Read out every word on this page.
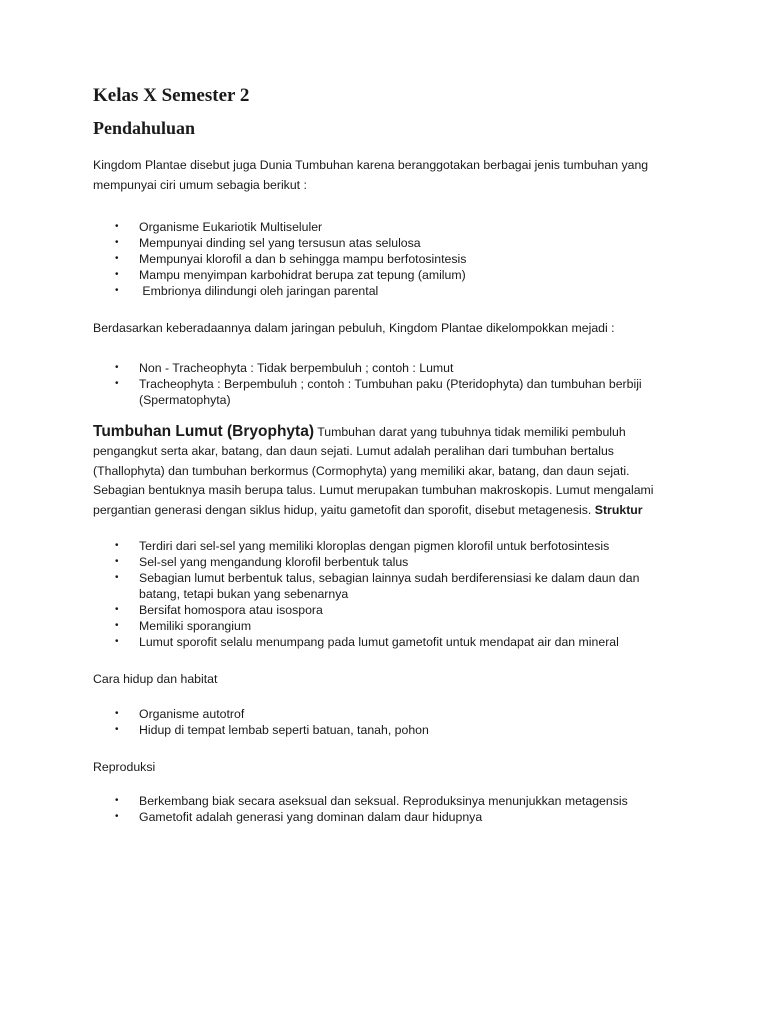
Kelas X Semester 2
Pendahuluan

Kingdom Plantae disebut juga Dunia Tumbuhan karena beranggotakan berbagai jenis tumbuhan yang mempunyai ciri umum sebagia berikut :

•	Organisme Eukariotik Multiseluler
•	Mempunyai dinding sel yang tersusun atas selulosa
•	Mempunyai klorofil a dan b sehingga mampu berfotosintesis
•	Mampu menyimpan karbohidrat berupa zat tepung (amilum)
•	Embrionya dilindungi oleh jaringan parental

Berdasarkan keberadaannya dalam jaringan pebuluh, Kingdom Plantae dikelompokkan mejadi :

•	Non - Tracheophyta : Tidak berpembuluh ; contoh : Lumut
•	Tracheophyta : Berpembuluh ; contoh : Tumbuhan paku (Pteridophyta) dan tumbuhan berbiji (Spermatophyta)

Tumbuhan Lumut (Bryophyta) Tumbuhan darat yang tubuhnya tidak memiliki pembuluh pengangkut serta akar, batang, dan daun sejati. Lumut adalah peralihan dari tumbuhan bertalus (Thallophyta) dan tumbuhan berkormus (Cormophyta) yang memiliki akar, batang, dan daun sejati. Sebagian bentuknya masih berupa talus. Lumut merupakan tumbuhan makroskopis. Lumut mengalami pergantian generasi dengan siklus hidup, yaitu gametofit dan sporofit, disebut metagenesis. Struktur

•	Terdiri dari sel-sel yang memiliki kloroplas dengan pigmen klorofil untuk berfotosintesis
•	Sel-sel yang mengandung klorofil berbentuk talus
•	Sebagian lumut berbentuk talus, sebagian lainnya sudah berdiferensiasi ke dalam daun dan batang, tetapi bukan yang sebenarnya
•	Bersifat homospora atau isospora
•	Memiliki sporangium
•	Lumut sporofit selalu menumpang pada lumut gametofit untuk mendapat air dan mineral
Cara hidup dan habitat
•	Organisme autotrof
•	Hidup di tempat lembab seperti batuan, tanah, pohon
Reproduksi
•	Berkembang biak secara aseksual dan seksual. Reproduksinya menunjukkan metagensis
•	Gametofit adalah generasi yang dominan dalam daur hidupnya
